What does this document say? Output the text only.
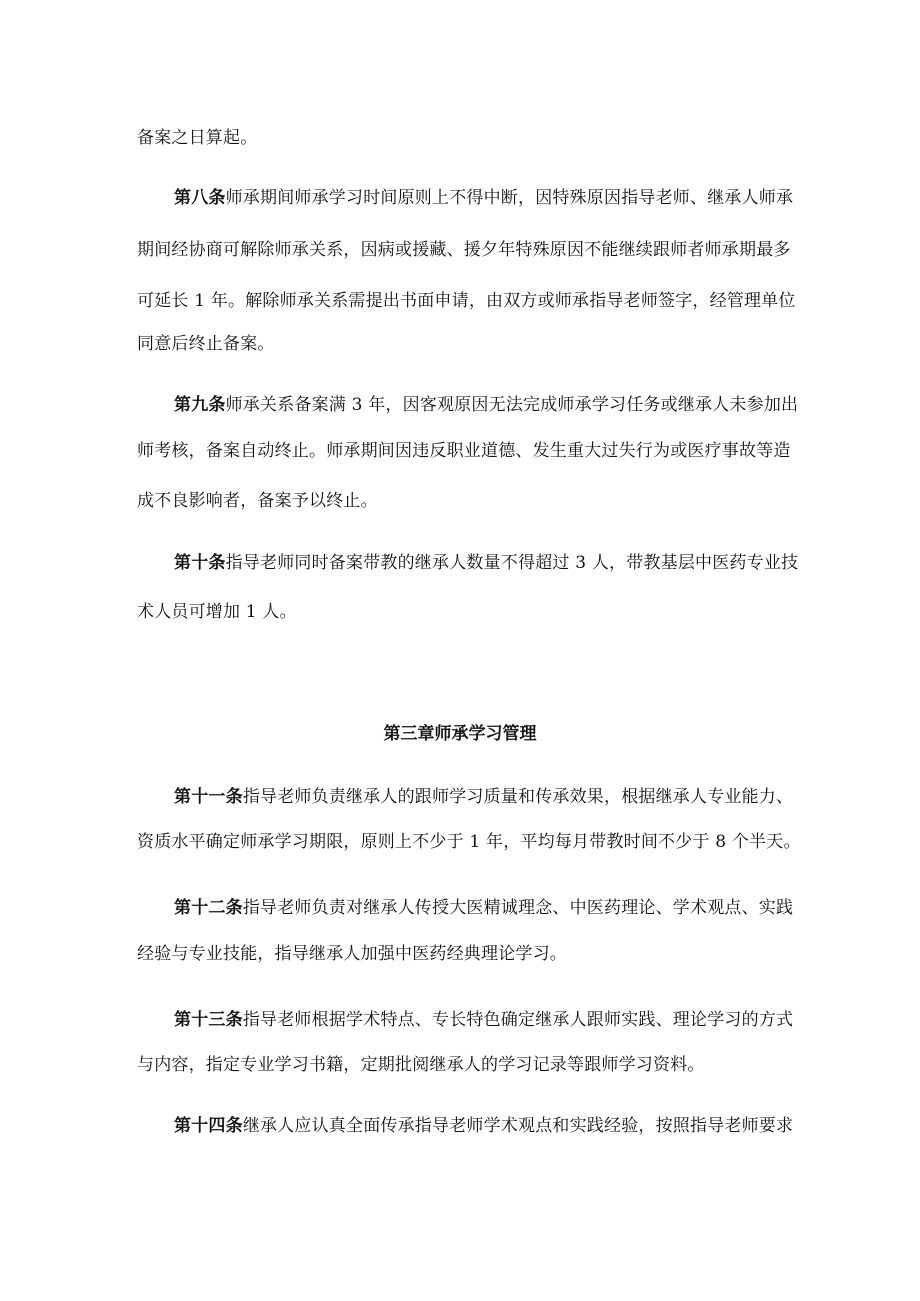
备案之日算起。
第八条师承期间师承学习时间原则上不得中断，因特殊原因指导老师、继承人师承
期间经协商可解除师承关系，因病或援藏、援夕年特殊原因不能继续跟师者师承期最多
可延长 1 年。解除师承关系需提出书面申请，由双方或师承指导老师签字，经管理单位
同意后终止备案。
第九条师承关系备案满 3 年，因客观原因无法完成师承学习任务或继承人未参加出
师考核，备案自动终止。师承期间因违反职业道德、发生重大过失行为或医疗事故等造
成不良影响者，备案予以终止。
第十条指导老师同时备案带教的继承人数量不得超过 3 人，带教基层中医药专业技
术人员可增加 1 人。
第三章师承学习管理
第十一条指导老师负责继承人的跟师学习质量和传承效果，根据继承人专业能力、
资质水平确定师承学习期限，原则上不少于 1 年，平均每月带教时间不少于 8 个半天。
第十二条指导老师负责对继承人传授大医精诚理念、中医药理论、学术观点、实践
经验与专业技能，指导继承人加强中医药经典理论学习。
第十三条指导老师根据学术特点、专长特色确定继承人跟师实践、理论学习的方式
与内容，指定专业学习书籍，定期批阅继承人的学习记录等跟师学习资料。
第十四条继承人应认真全面传承指导老师学术观点和实践经验，按照指导老师要求
